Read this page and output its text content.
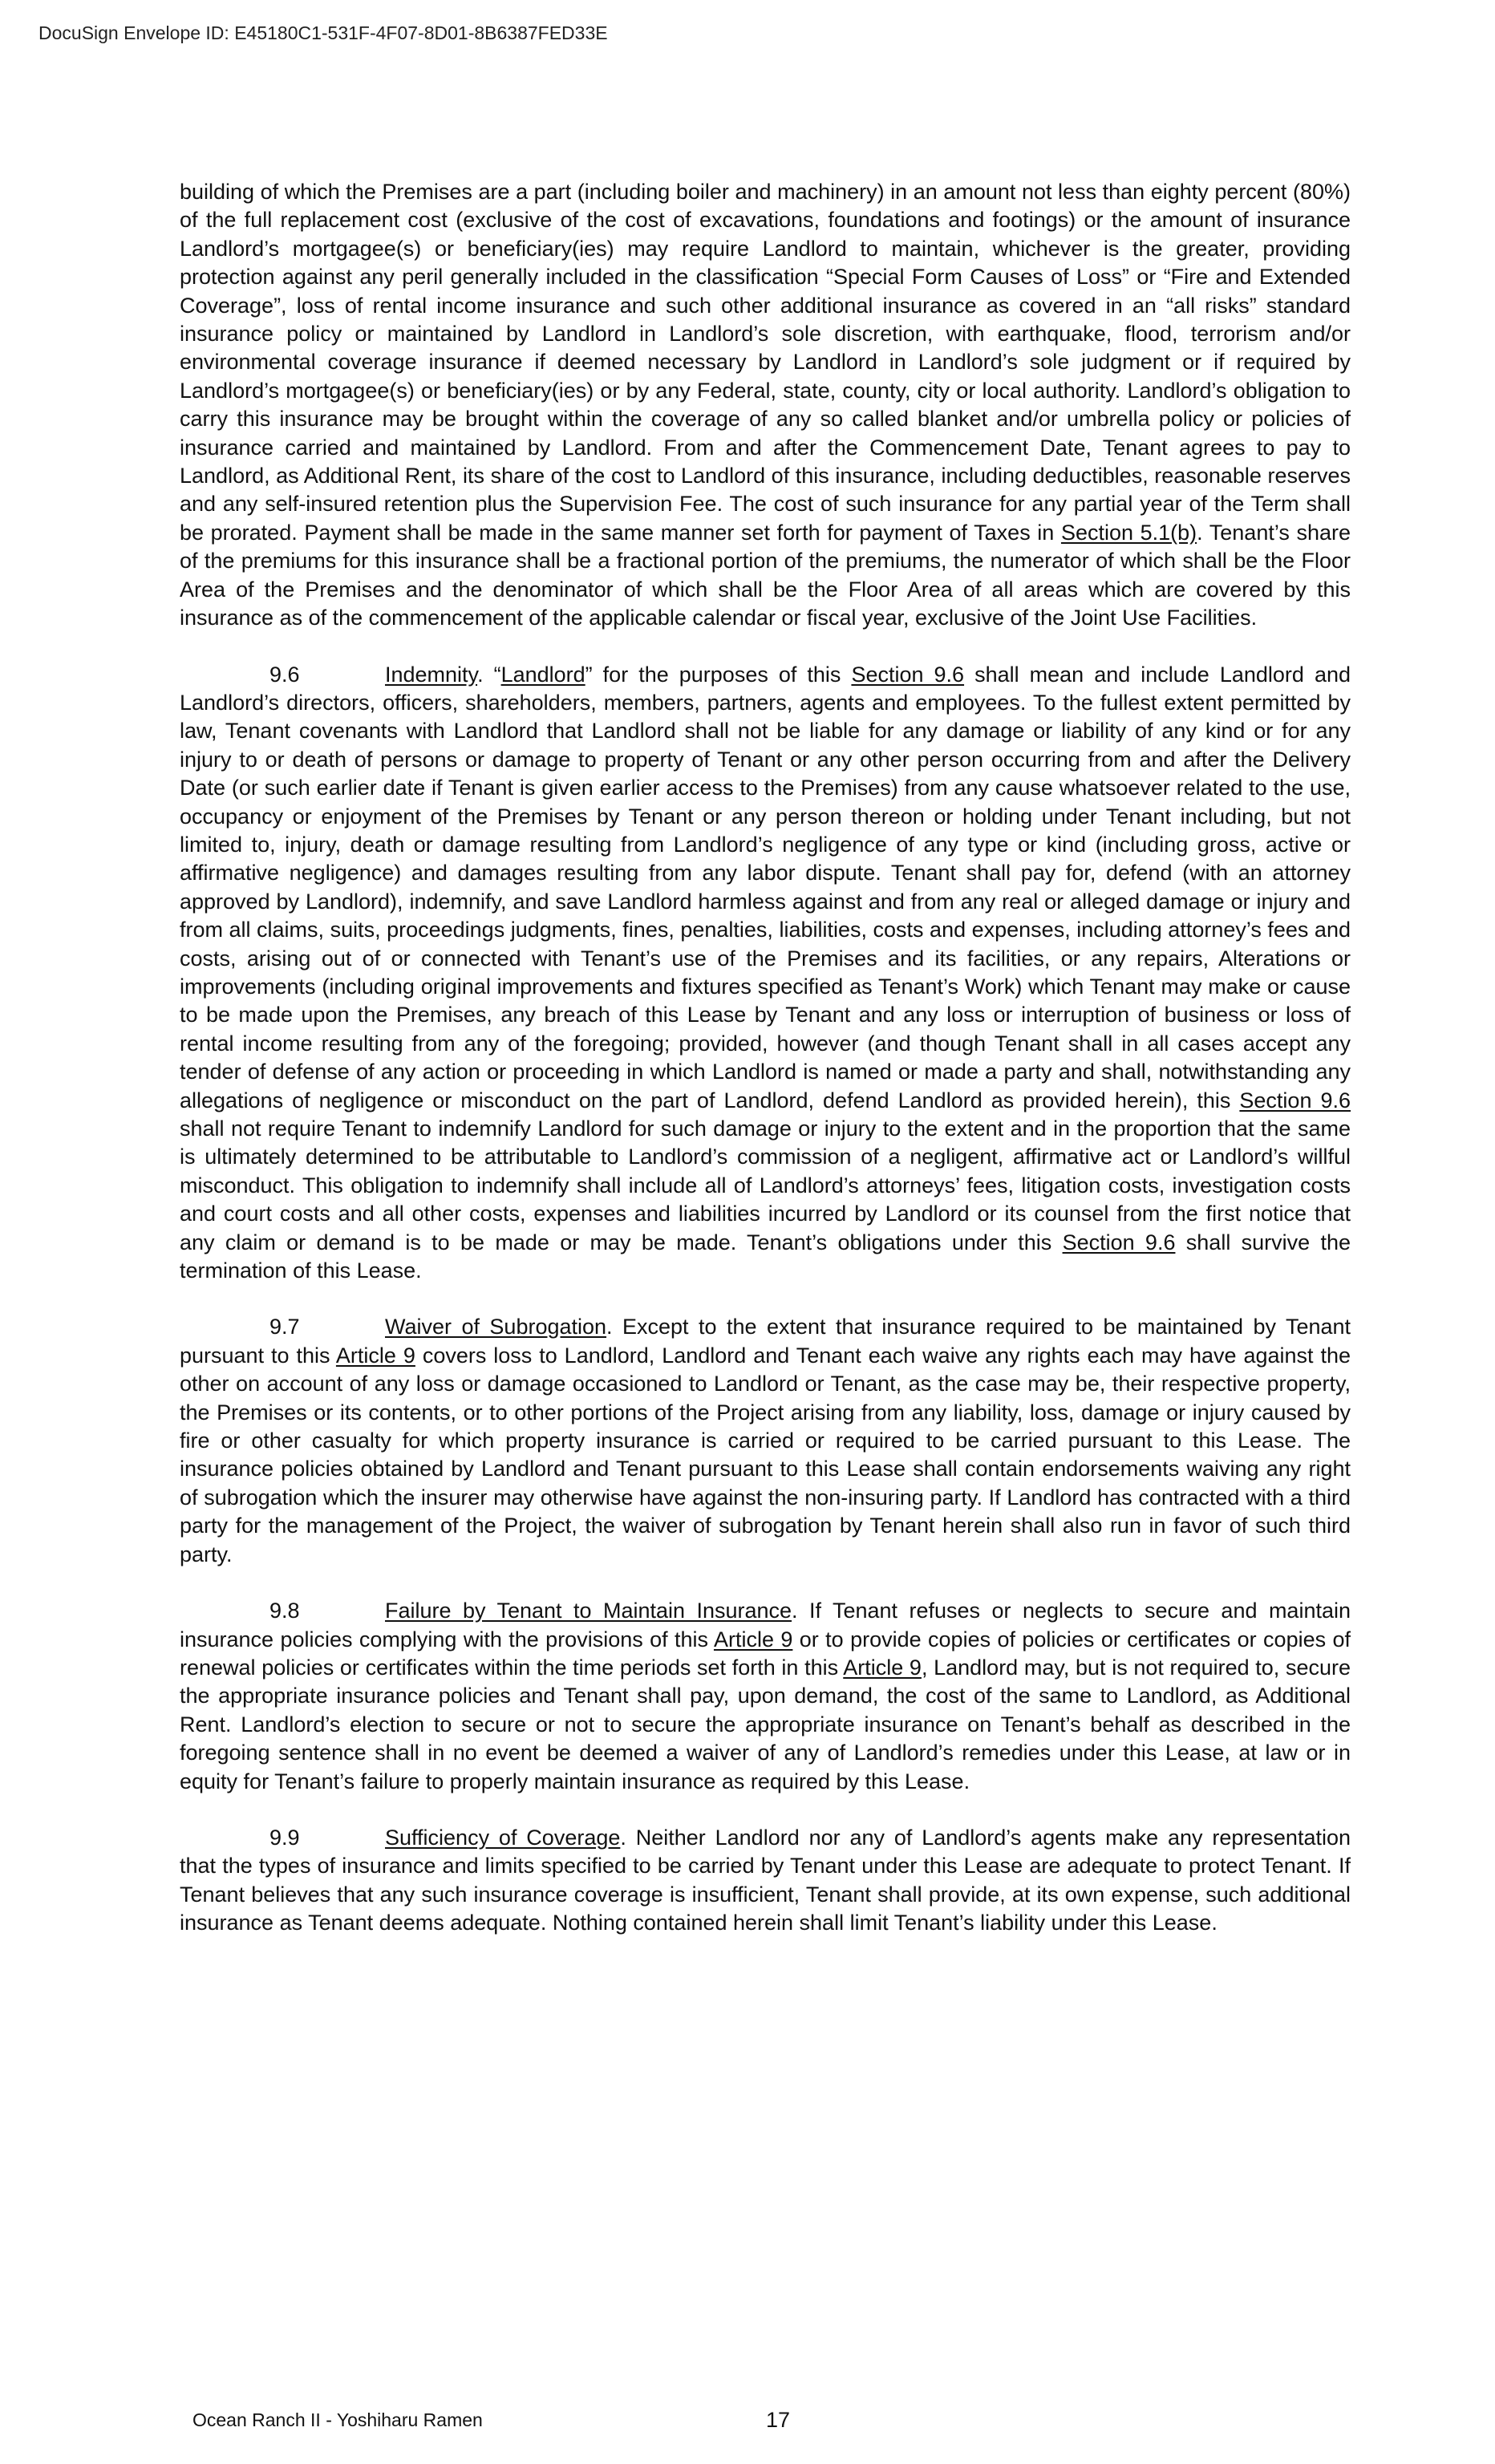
DocuSign Envelope ID: E45180C1-531F-4F07-8D01-8B6387FED33E

building of which the Premises are a part (including boiler and machinery) in an amount not less than eighty percent (80%) of the full replacement cost (exclusive of the cost of excavations, foundations and footings) or the amount of insurance Landlord’s mortgagee(s) or beneficiary(ies) may require Landlord to maintain, whichever is the greater, providing protection against any peril generally included in the classification “Special Form Causes of Loss” or “Fire and Extended Coverage”, loss of rental income insurance and such other additional insurance as covered in an “all risks” standard insurance policy or maintained by Landlord in Landlord’s sole discretion, with earthquake, flood, terrorism and/or environmental coverage insurance if deemed necessary by Landlord in Landlord’s sole judgment or if required by Landlord’s mortgagee(s) or beneficiary(ies) or by any Federal, state, county, city or local authority. Landlord’s obligation to carry this insurance may be brought within the coverage of any so called blanket and/or umbrella policy or policies of insurance carried and maintained by Landlord. From and after the Commencement Date, Tenant agrees to pay to Landlord, as Additional Rent, its share of the cost to Landlord of this insurance, including deductibles, reasonable reserves and any self-insured retention plus the Supervision Fee. The cost of such insurance for any partial year of the Term shall be prorated. Payment shall be made in the same manner set forth for payment of Taxes in Section 5.1(b). Tenant’s share of the premiums for this insurance shall be a fractional portion of the premiums, the numerator of which shall be the Floor Area of the Premises and the denominator of which shall be the Floor Area of all areas which are covered by this insurance as of the commencement of the applicable calendar or fiscal year, exclusive of the Joint Use Facilities.

9.6	Indemnity. “Landlord” for the purposes of this Section 9.6 shall mean and include Landlord and Landlord’s directors, officers, shareholders, members, partners, agents and employees. To the fullest extent permitted by law, Tenant covenants with Landlord that Landlord shall not be liable for any damage or liability of any kind or for any injury to or death of persons or damage to property of Tenant or any other person occurring from and after the Delivery Date (or such earlier date if Tenant is given earlier access to the Premises) from any cause whatsoever related to the use, occupancy or enjoyment of the Premises by Tenant or any person thereon or holding under Tenant including, but not limited to, injury, death or damage resulting from Landlord’s negligence of any type or kind (including gross, active or affirmative negligence) and damages resulting from any labor dispute. Tenant shall pay for, defend (with an attorney approved by Landlord), indemnify, and save Landlord harmless against and from any real or alleged damage or injury and from all claims, suits, proceedings judgments, fines, penalties, liabilities, costs and expenses, including attorney’s fees and costs, arising out of or connected with Tenant’s use of the Premises and its facilities, or any repairs, Alterations or improvements (including original improvements and fixtures specified as Tenant’s Work) which Tenant may make or cause to be made upon the Premises, any breach of this Lease by Tenant and any loss or interruption of business or loss of rental income resulting from any of the foregoing; provided, however (and though Tenant shall in all cases accept any tender of defense of any action or proceeding in which Landlord is named or made a party and shall, notwithstanding any allegations of negligence or misconduct on the part of Landlord, defend Landlord as provided herein), this Section 9.6 shall not require Tenant to indemnify Landlord for such damage or injury to the extent and in the proportion that the same is ultimately determined to be attributable to Landlord’s commission of a negligent, affirmative act or Landlord’s willful misconduct. This obligation to indemnify shall include all of Landlord’s attorneys’ fees, litigation costs, investigation costs and court costs and all other costs, expenses and liabilities incurred by Landlord or its counsel from the first notice that any claim or demand is to be made or may be made. Tenant’s obligations under this Section 9.6 shall survive the termination of this Lease.

9.7	Waiver of Subrogation. Except to the extent that insurance required to be maintained by Tenant pursuant to this Article 9 covers loss to Landlord, Landlord and Tenant each waive any rights each may have against the other on account of any loss or damage occasioned to Landlord or Tenant, as the case may be, their respective property, the Premises or its contents, or to other portions of the Project arising from any liability, loss, damage or injury caused by fire or other casualty for which property insurance is carried or required to be carried pursuant to this Lease. The insurance policies obtained by Landlord and Tenant pursuant to this Lease shall contain endorsements waiving any right of subrogation which the insurer may otherwise have against the non-insuring party. If Landlord has contracted with a third party for the management of the Project, the waiver of subrogation by Tenant herein shall also run in favor of such third party.

9.8	Failure by Tenant to Maintain Insurance. If Tenant refuses or neglects to secure and maintain insurance policies complying with the provisions of this Article 9 or to provide copies of policies or certificates or copies of renewal policies or certificates within the time periods set forth in this Article 9, Landlord may, but is not required to, secure the appropriate insurance policies and Tenant shall pay, upon demand, the cost of the same to Landlord, as Additional Rent. Landlord’s election to secure or not to secure the appropriate insurance on Tenant’s behalf as described in the foregoing sentence shall in no event be deemed a waiver of any of Landlord’s remedies under this Lease, at law or in equity for Tenant’s failure to properly maintain insurance as required by this Lease.

9.9	Sufficiency of Coverage. Neither Landlord nor any of Landlord’s agents make any representation that the types of insurance and limits specified to be carried by Tenant under this Lease are adequate to protect Tenant. If Tenant believes that any such insurance coverage is insufficient, Tenant shall provide, at its own expense, such additional insurance as Tenant deems adequate. Nothing contained herein shall limit Tenant’s liability under this Lease.

Ocean Ranch II - Yoshiharu Ramen	17
